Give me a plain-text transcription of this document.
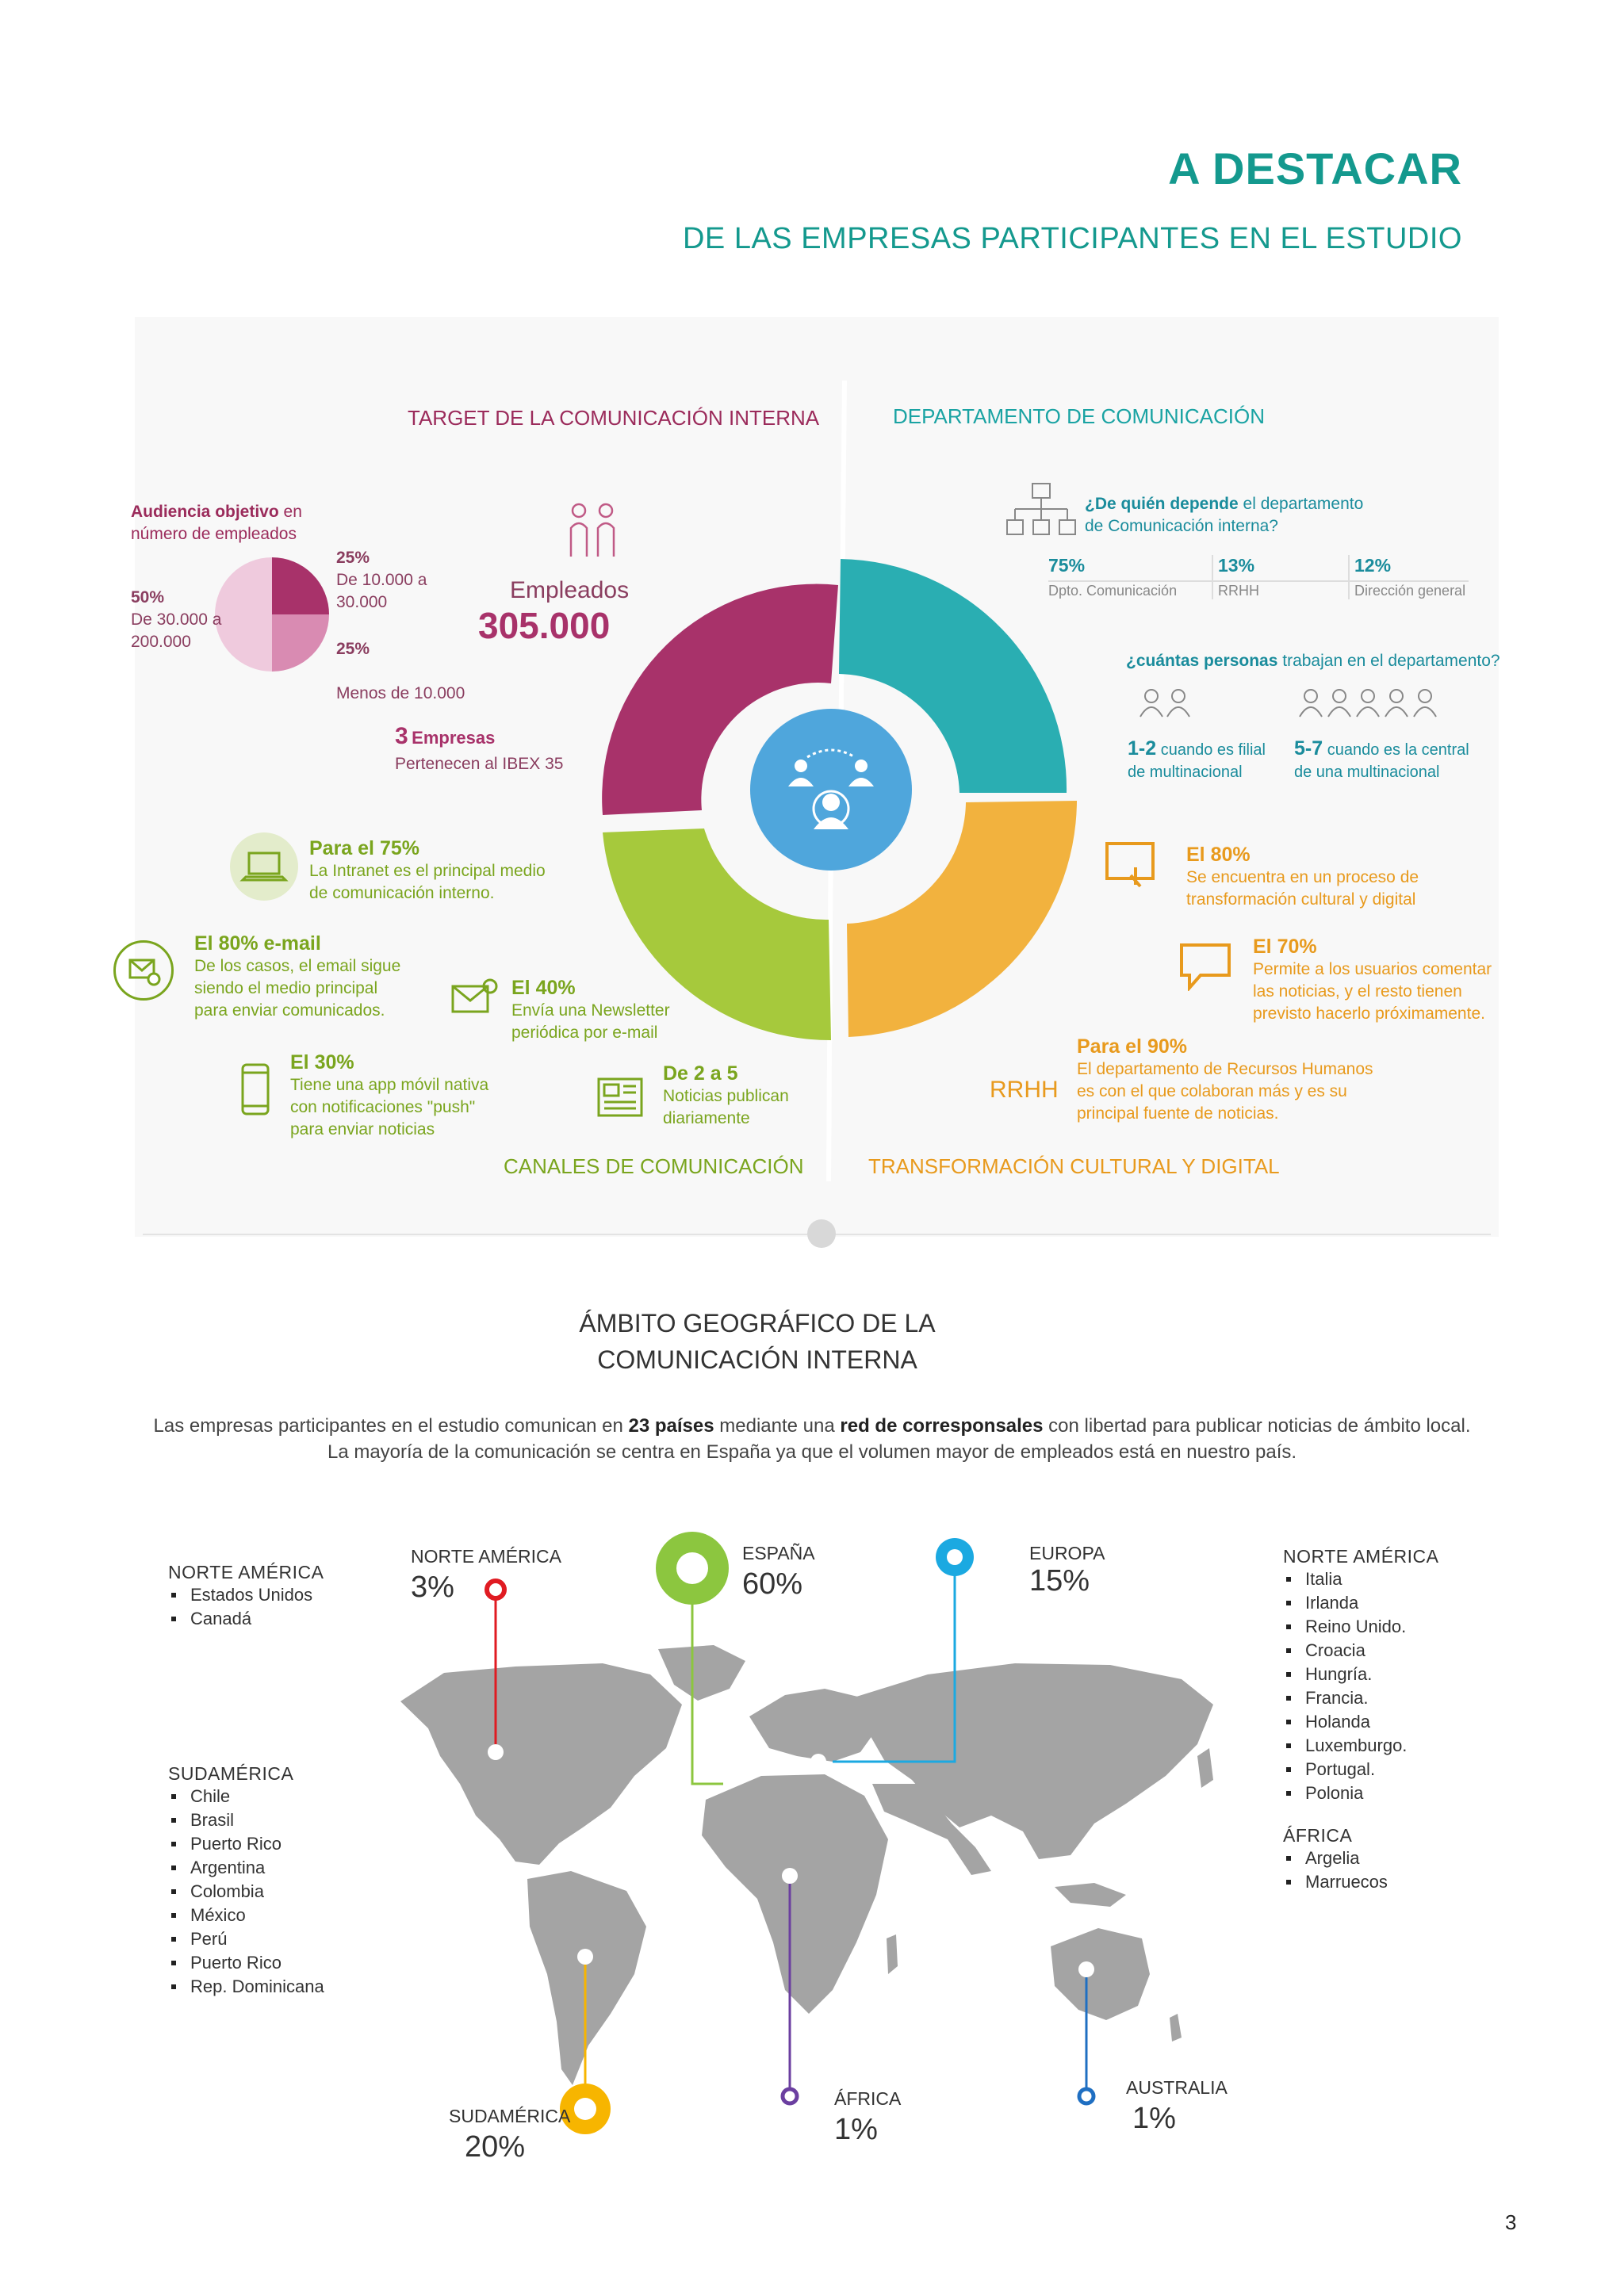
A DESTACAR
DE LAS EMPRESAS PARTICIPANTES EN EL ESTUDIO
TARGET DE LA COMUNICACIÓN INTERNA	DEPARTAMENTO DE COMUNICACIÓN
CANALES DE COMUNICACIÓN	TRANSFORMACIÓN CULTURAL Y DIGITAL
Audiencia objetivo en
número de empleados
25%
De 10.000 a
30.000
25%

Menos de 10.000
50%
De 30.000 a
200.000
Empleados
305.000
3 Empresas
Pertenecen al IBEX 35
¿De quién depende el departamento
de Comunicación interna?
75%
Dpto. Comunicación
13%
RRHH
12%
Dirección general
¿cuántas personas trabajan en el departamento?
1-2 cuando es filial
de multinacional
5-7 cuando es la central
de una multinacional
Para el 75%
La Intranet es el principal medio
de comunicación interno.
El 80% e-mail
De los casos, el email sigue
siendo el medio principal
para enviar comunicados.
El 40%
Envía una Newsletter
periódica por e-mail
El 30%
Tiene una app móvil nativa
con notificaciones "push"
para enviar noticias
De 2 a 5
Noticias publican
diariamente
El 80%
Se encuentra en un proceso de
transformación cultural y digital
El 70%
Permite a los usuarios comentar
las noticias, y el resto tienen
previsto hacerlo próximamente.
RRHH
Para el 90%
El departamento de Recursos Humanos
es con el que colaboran más y es su
principal fuente de noticias.
ÁMBITO GEOGRÁFICO DE LA
COMUNICACIÓN INTERNA
Las empresas participantes en el estudio comunican en 23 países mediante una red de corresponsales con libertad para publicar noticias de ámbito local.
La mayoría de la comunicación se centra en España ya que el volumen mayor de empleados está en nuestro país.
NORTE AMÉRICA
Estados Unidos
Canadá
SUDAMÉRICA
Chile
Brasil
Puerto Rico
Argentina
Colombia
México
Perú
Puerto Rico
Rep. Dominicana
NORTE AMÉRICA
Italia
Irlanda
Reino Unido.
Croacia
Hungría.
Francia.
Holanda
Luxemburgo.
Portugal.
Polonia
ÁFRICA
Argelia
Marruecos
NORTE AMÉRICA
3%
ESPAÑA
60%
EUROPA
15%
SUDAMÉRICA
20%
ÁFRICA
1%
AUSTRALIA
1%
3
